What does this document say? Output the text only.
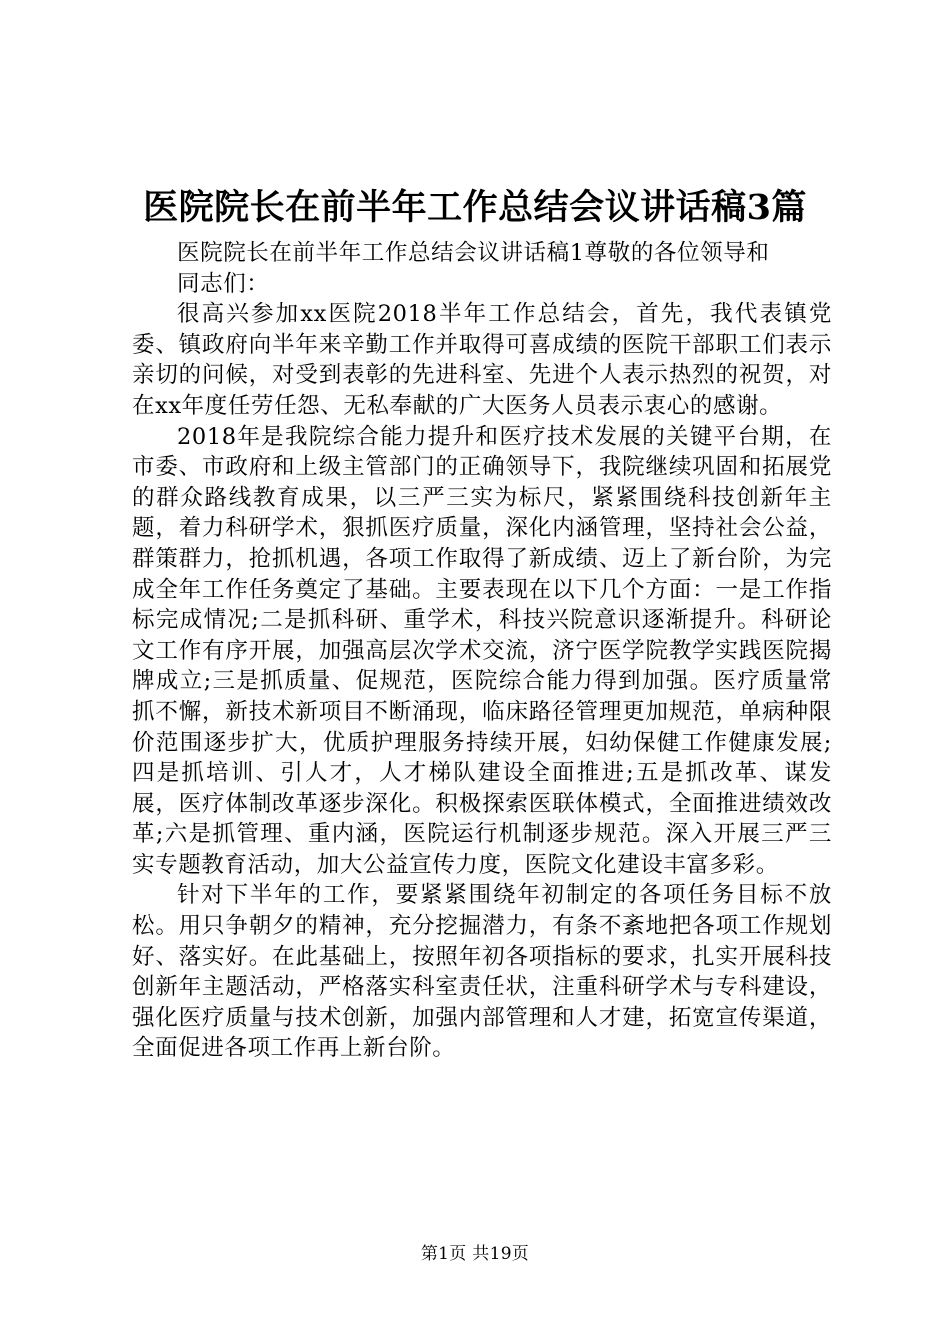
医院院长在前半年工作总结会议讲话稿3篇

医院院长在前半年工作总结会议讲话稿1尊敬的各位领导和

同志们：

很高兴参加xx医院2018半年工作总结会，首先，我代表镇党委、镇政府向半年来辛勤工作并取得可喜成绩的医院干部职工们表示亲切的问候，对受到表彰的先进科室、先进个人表示热烈的祝贺，对在xx年度任劳任怨、无私奉献的广大医务人员表示衷心的感谢。

2018年是我院综合能力提升和医疗技术发展的关键平台期，在市委、市政府和上级主管部门的正确领导下，我院继续巩固和拓展党的群众路线教育成果，以三严三实为标尺，紧紧围绕科技创新年主题，着力科研学术，狠抓医疗质量，深化内涵管理，坚持社会公益，群策群力，抢抓机遇，各项工作取得了新成绩、迈上了新台阶，为完成全年工作任务奠定了基础。主要表现在以下几个方面：一是工作指标完成情况;二是抓科研、重学术，科技兴院意识逐渐提升。科研论文工作有序开展，加强高层次学术交流，济宁医学院教学实践医院揭牌成立;三是抓质量、促规范，医院综合能力得到加强。医疗质量常抓不懈，新技术新项目不断涌现，临床路径管理更加规范，单病种限价范围逐步扩大，优质护理服务持续开展，妇幼保健工作健康发展;四是抓培训、引人才，人才梯队建设全面推进;五是抓改革、谋发展，医疗体制改革逐步深化。积极探索医联体模式，全面推进绩效改革;六是抓管理、重内涵，医院运行机制逐步规范。深入开展三严三实专题教育活动，加大公益宣传力度，医院文化建设丰富多彩。

针对下半年的工作，要紧紧围绕年初制定的各项任务目标不放松。用只争朝夕的精神，充分挖掘潜力，有条不紊地把各项工作规划好、落实好。在此基础上，按照年初各项指标的要求，扎实开展科技创新年主题活动，严格落实科室责任状，注重科研学术与专科建设，强化医疗质量与技术创新，加强内部管理和人才建，拓宽宣传渠道，全面促进各项工作再上新台阶。

第1页 共19页
